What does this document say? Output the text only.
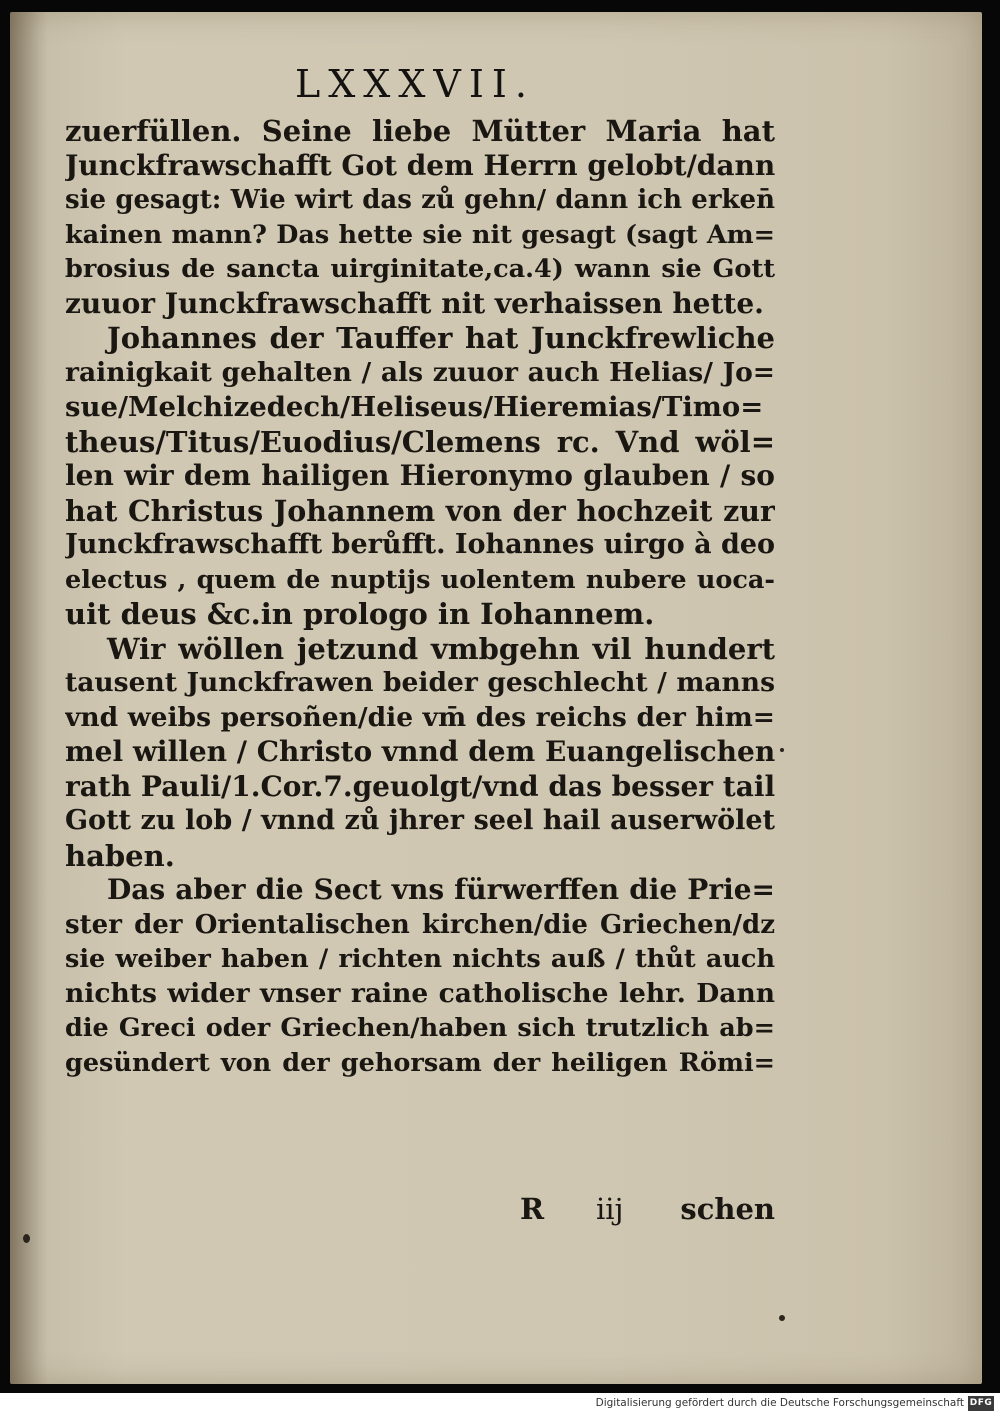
LXXXVII.
zuerfüllen. Seine liebe Mütter Maria hat
Junckfrawschafft Got dem Herrn gelobt/dann
sie gesagt: Wie wirt das zů gehn/ dann ich erken̄
kainen mann? Das hette sie nit gesagt (sagt Am=
brosius de sancta uirginitate,ca.4) wann sie Gott
zuuor Junckfrawschafft nit verhaissen hette.
Johannes der Tauffer hat Junckfrewliche
rainigkait gehalten / als zuuor auch Helias/ Jo=
sue/Melchizedech/Heliseus/Hieremias/Timo=
theus/Titus/Euodius/Clemens rc. Vnd wöl=
len wir dem hailigen Hieronymo glauben / so
hat Christus Johannem von der hochzeit zur
Junckfrawschafft berůfft. Iohannes uirgo à deo
electus , quem de nuptijs uolentem nubere uoca-
uit deus &c.in prologo in Iohannem.
Wir wöllen jetzund vmbgehn vil hundert
tausent Junckfrawen beider geschlecht / manns
vnd weibs persoñen/die vm̄ des reichs der him=
mel willen / Christo vnnd dem Euangelischen
rath Pauli/1.Cor.7.geuolgt/vnd das besser tail
Gott zu lob / vnnd zů jhrer seel hail auserwölet
haben.
Das aber die Sect vns fürwerffen die Prie=
ster der Orientalischen kirchen/die Griechen/dz
sie weiber haben / richten nichts auß / thůt auch
nichts wider vnser raine catholische lehr. Dann
die Greci oder Griechen/haben sich trutzlich ab=
gesündert von der gehorsam der heiligen Römi=
R iij schen
Digitalisierung gefördert durch die Deutsche Forschungsgemeinschaft DFG
